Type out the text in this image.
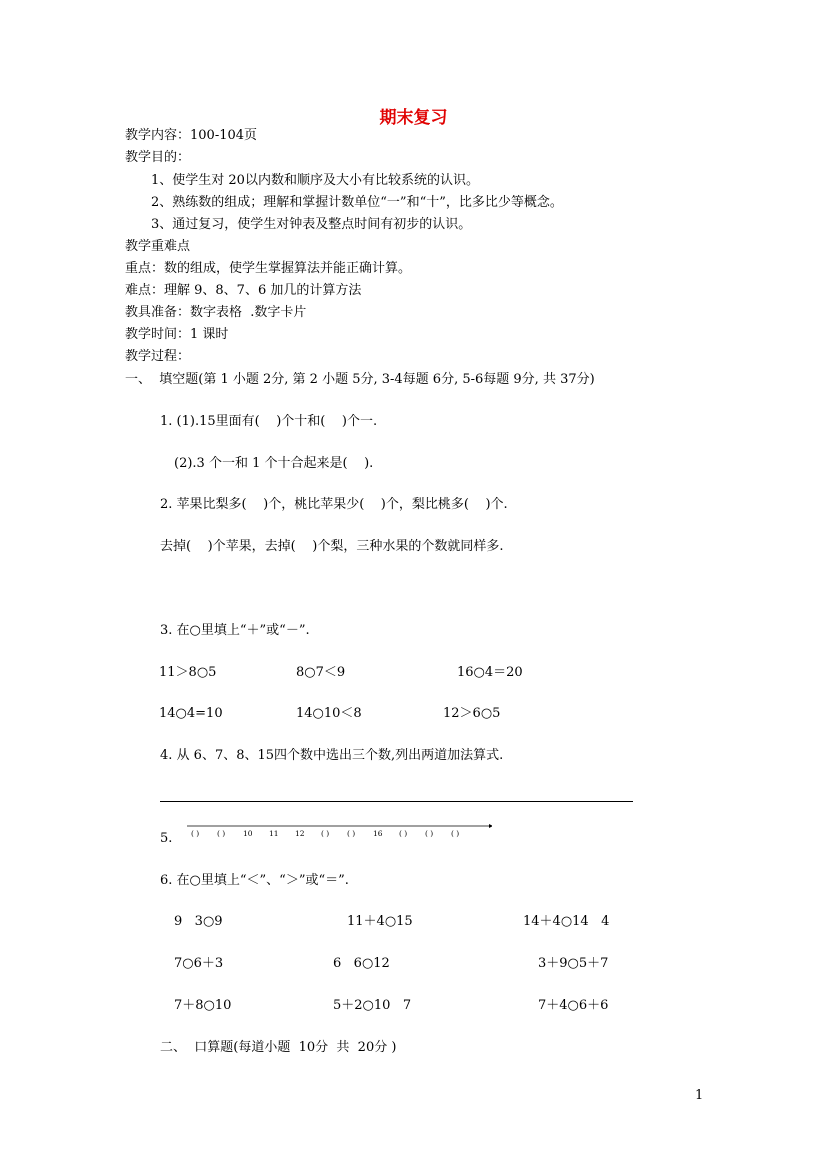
期末复习
教学内容：100-104页
教学目的：
1、使学生对 20以内数和顺序及大小有比较系统的认识。
2、熟练数的组成；理解和掌握计数单位“一”和“十”，比多比少等概念。
3、通过复习，使学生对钟表及整点时间有初步的认识。
教学重难点
重点：数的组成，使学生掌握算法并能正确计算。
难点：理解 9、8、7、6 加几的计算方法
教具准备：数字表格  .数字卡片
教学时间：1 课时
教学过程：
一、  填空题(第 1 小题 2分, 第 2 小题 5分, 3-4每题 6分, 5-6每题 9分, 共 37分)
1. (1).15里面有(    )个十和(    )个一.
(2).3 个一和 1 个十合起来是(    ).
2. 苹果比梨多(    )个，桃比苹果少(    )个，梨比桃多(    )个.
去掉(    )个苹果，去掉(    )个梨，三种水果的个数就同样多.
3. 在○里填上“＋”或“－”.
11＞8○5	8○7＜9	16○4＝20
14○4=10	14○10＜8	12＞6○5
4. 从 6、7、8、15四个数中选出三个数,列出两道加法算式.
5. ( ) ( ) 10 11 12 ( ) ( ) 16 ( ) ( ) ( )
6. 在○里填上“＜”、“＞”或“＝”.
9   3○9	11＋4○15	14＋4○14   4
7○6＋3	6   6○12	3＋9○5＋7
7＋8○10	5＋2○10   7	7＋4○6＋6
二、  口算题(每道小题  10分  共  20分 )
1
